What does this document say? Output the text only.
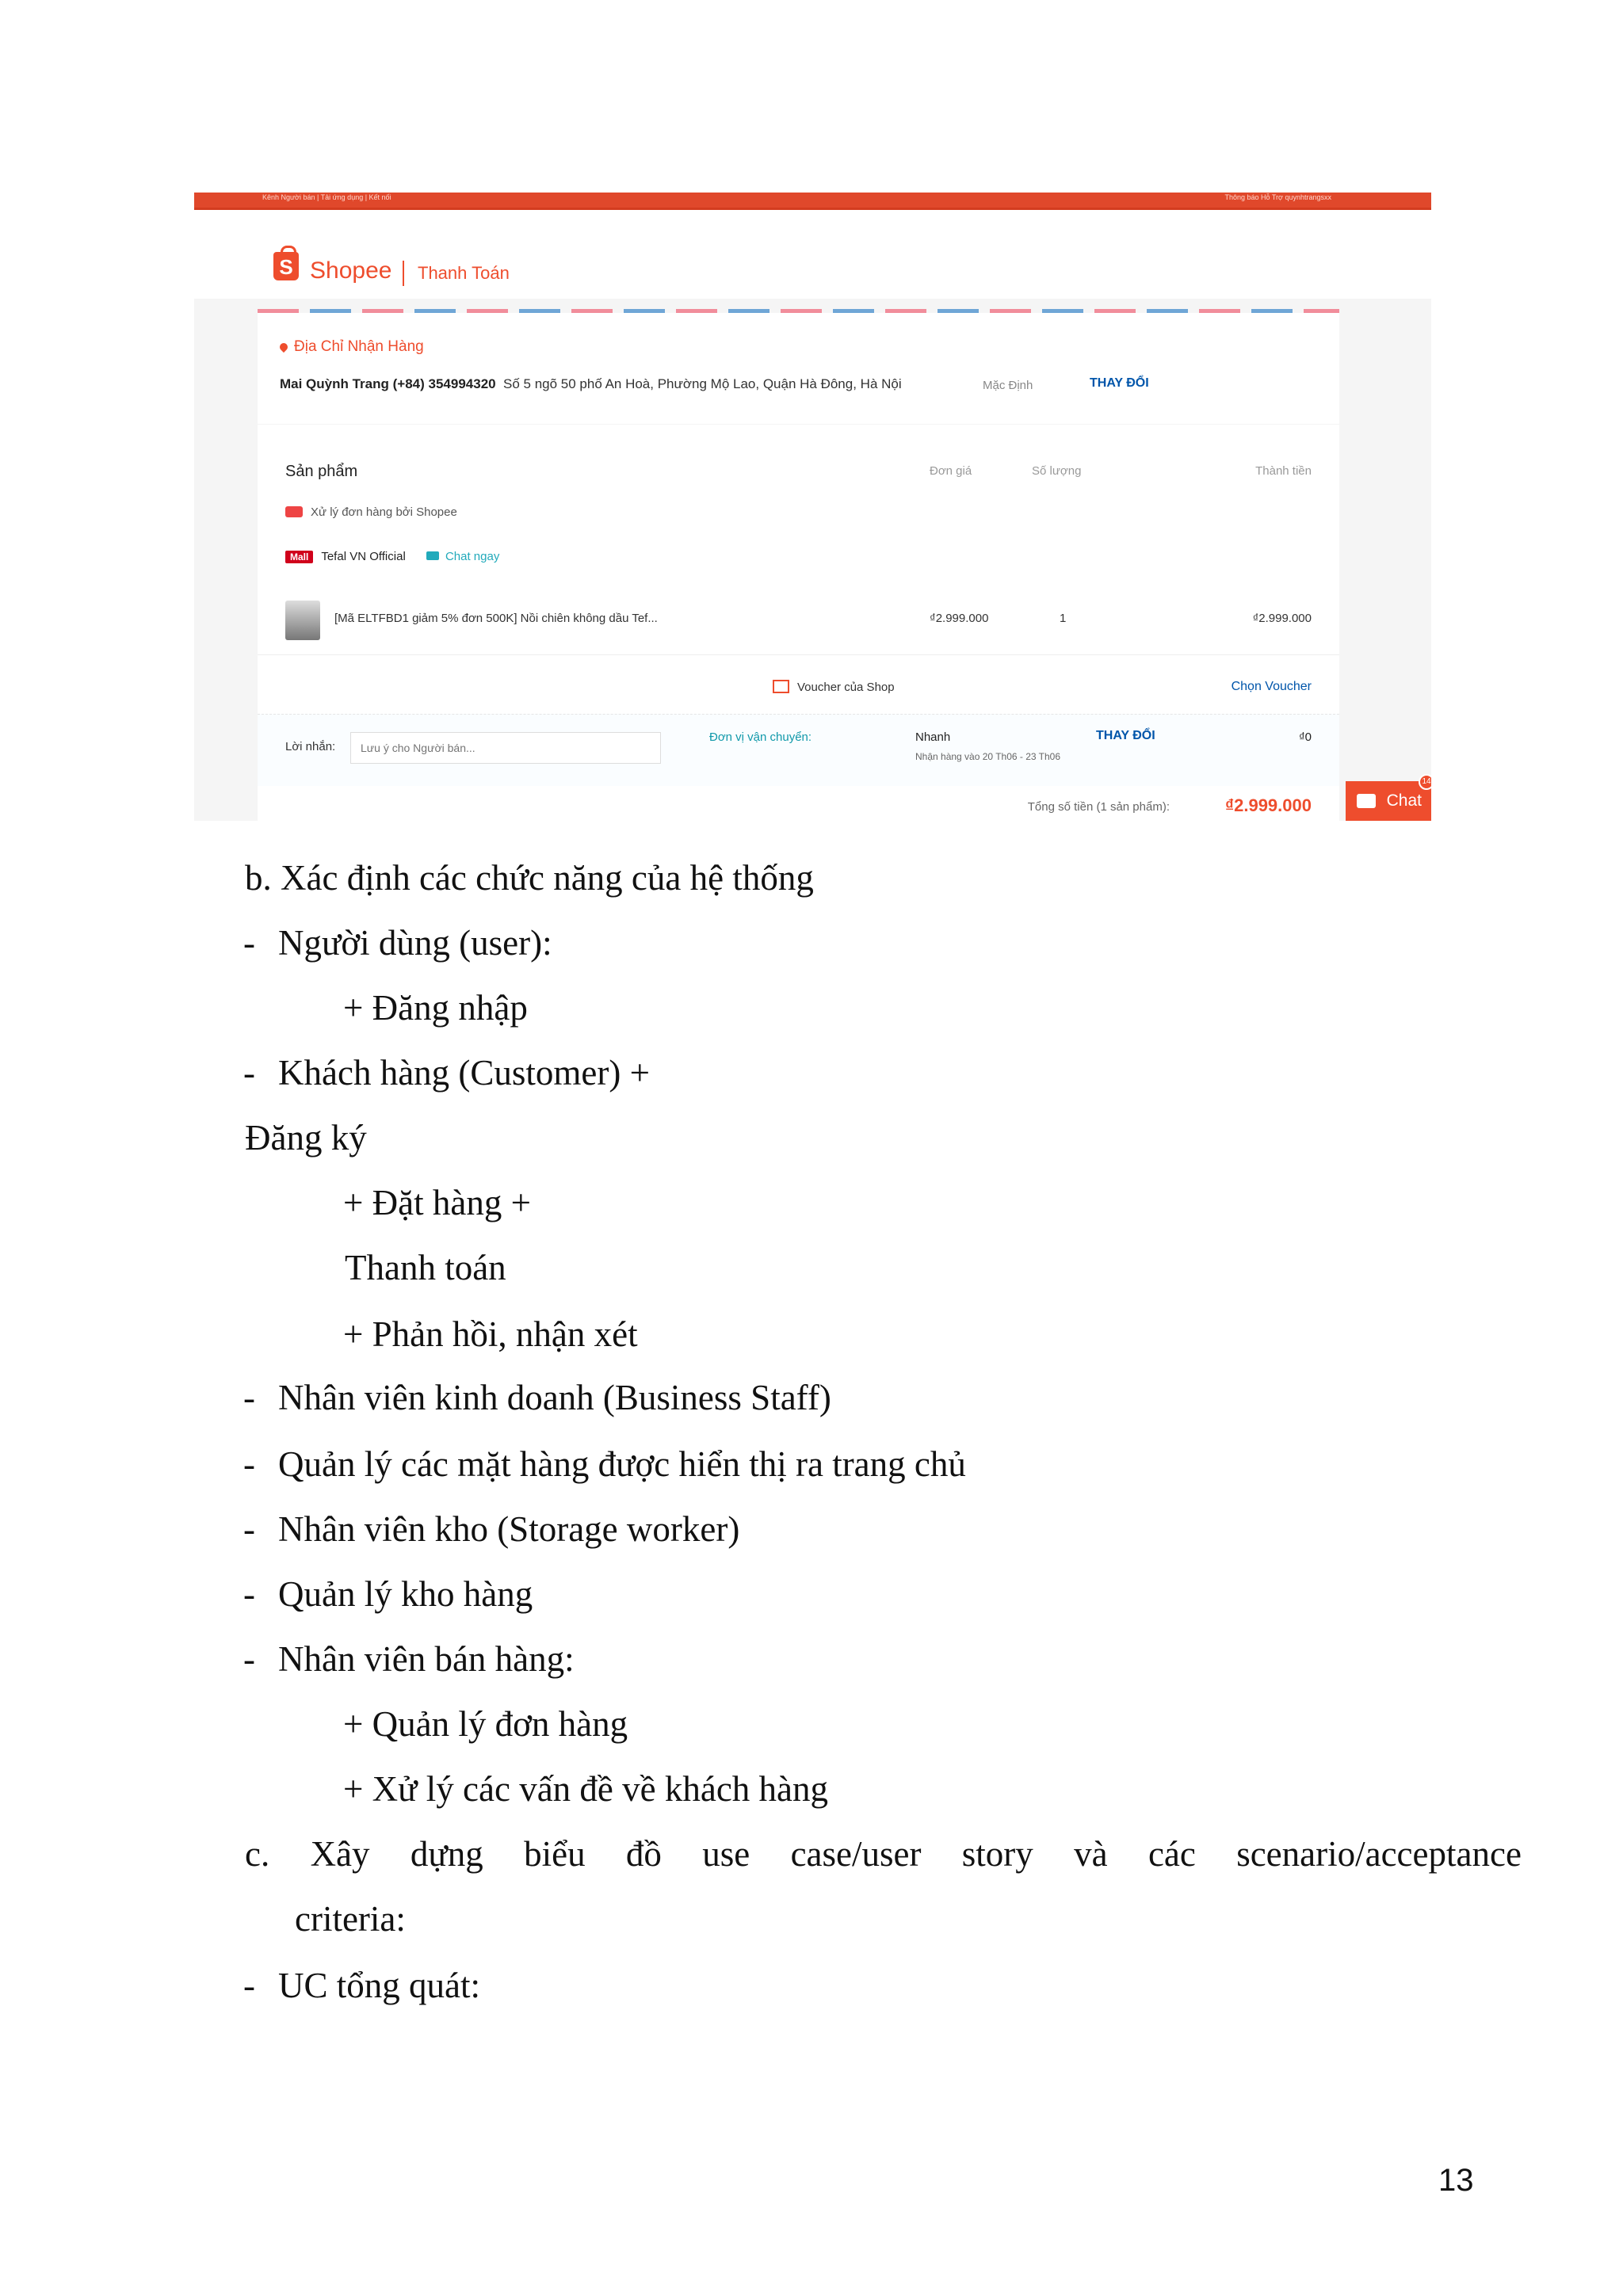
Kênh Người bán | Tải ứng dụng | Kết nối	Thông báo Hỗ Trợ quynhtrangsxx
S Shopee Thanh Toán
Địa Chỉ Nhận Hàng
Mai Quỳnh Trang (+84) 354994320 Số 5 ngõ 50 phố An Hoà, Phường Mộ Lao, Quận Hà Đông, Hà Nội	Mặc Định	THAY ĐỔI
Sản phẩm	Đơn giá	Số lượng	Thành tiền
Xử lý đơn hàng bởi Shopee
Mall Tefal VN Official	Chat ngay
[Mã ELTFBD1 giảm 5% đơn 500K] Nồi chiên không dầu Tef...	₫2.999.000	1	₫2.999.000
Voucher của Shop	Chọn Voucher
Lời nhắn:
Lưu ý cho Người bán...
Đơn vị vận chuyển:	Nhanh
Nhận hàng vào 20 Th06 - 23 Th06
THAY ĐỔI	₫0
Tổng số tiền (1 sản phẩm):	₫2.999.000	Chat
14
b. Xác định các chức năng của hệ thống
- Người dùng (user):
+ Đăng nhập
- Khách hàng (Customer) +
Đăng ký
+ Đặt hàng +
Thanh toán
+ Phản hồi, nhận xét
- Nhân viên kinh doanh (Business Staff)
- Quản lý các mặt hàng được hiển thị ra trang chủ
- Nhân viên kho (Storage worker)
- Quản lý kho hàng
- Nhân viên bán hàng:
+ Quản lý đơn hàng
+ Xử lý các vấn đề về khách hàng
c. Xây dựng biểu đồ use case/user story và các scenario/acceptance
criteria:
- UC tổng quát:
13
